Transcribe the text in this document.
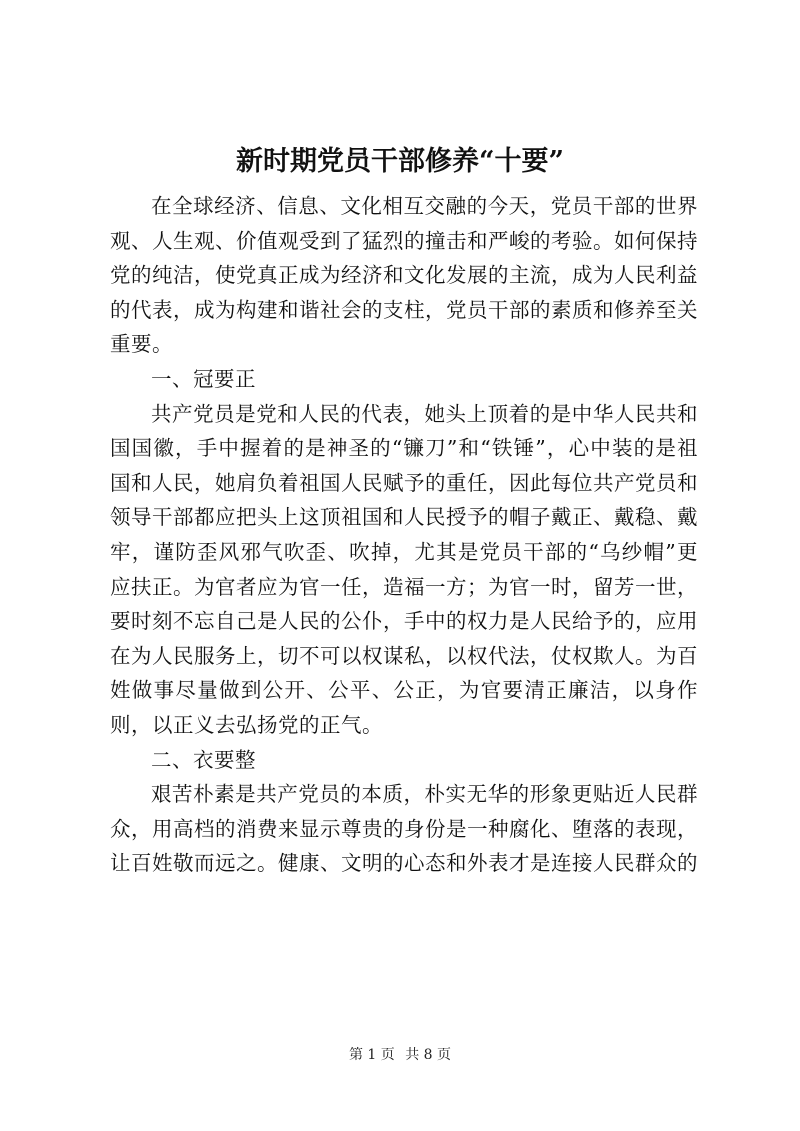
新时期党员干部修养“十要”

在全球经济、信息、文化相互交融的今天，党员干部的世界观、人生观、价值观受到了猛烈的撞击和严峻的考验。如何保持党的纯洁，使党真正成为经济和文化发展的主流，成为人民利益的代表，成为构建和谐社会的支柱，党员干部的素质和修养至关重要。

一、冠要正

共产党员是党和人民的代表，她头上顶着的是中华人民共和国国徽，手中握着的是神圣的“镰刀”和“铁锤”，心中装的是祖国和人民，她肩负着祖国人民赋予的重任，因此每位共产党员和领导干部都应把头上这顶祖国和人民授予的帽子戴正、戴稳、戴牢，谨防歪风邪气吹歪、吹掉，尤其是党员干部的“乌纱帽”更应扶正。为官者应为官一任，造福一方；为官一时，留芳一世，要时刻不忘自己是人民的公仆，手中的权力是人民给予的，应用在为人民服务上，切不可以权谋私，以权代法，仗权欺人。为百姓做事尽量做到公开、公平、公正，为官要清正廉洁，以身作则，以正义去弘扬党的正气。

二、衣要整

艰苦朴素是共产党员的本质，朴实无华的形象更贴近人民群众，用高档的消费来显示尊贵的身份是一种腐化、堕落的表现，让百姓敬而远之。健康、文明的心态和外表才是连接人民群众的

第 1 页 共 8 页
